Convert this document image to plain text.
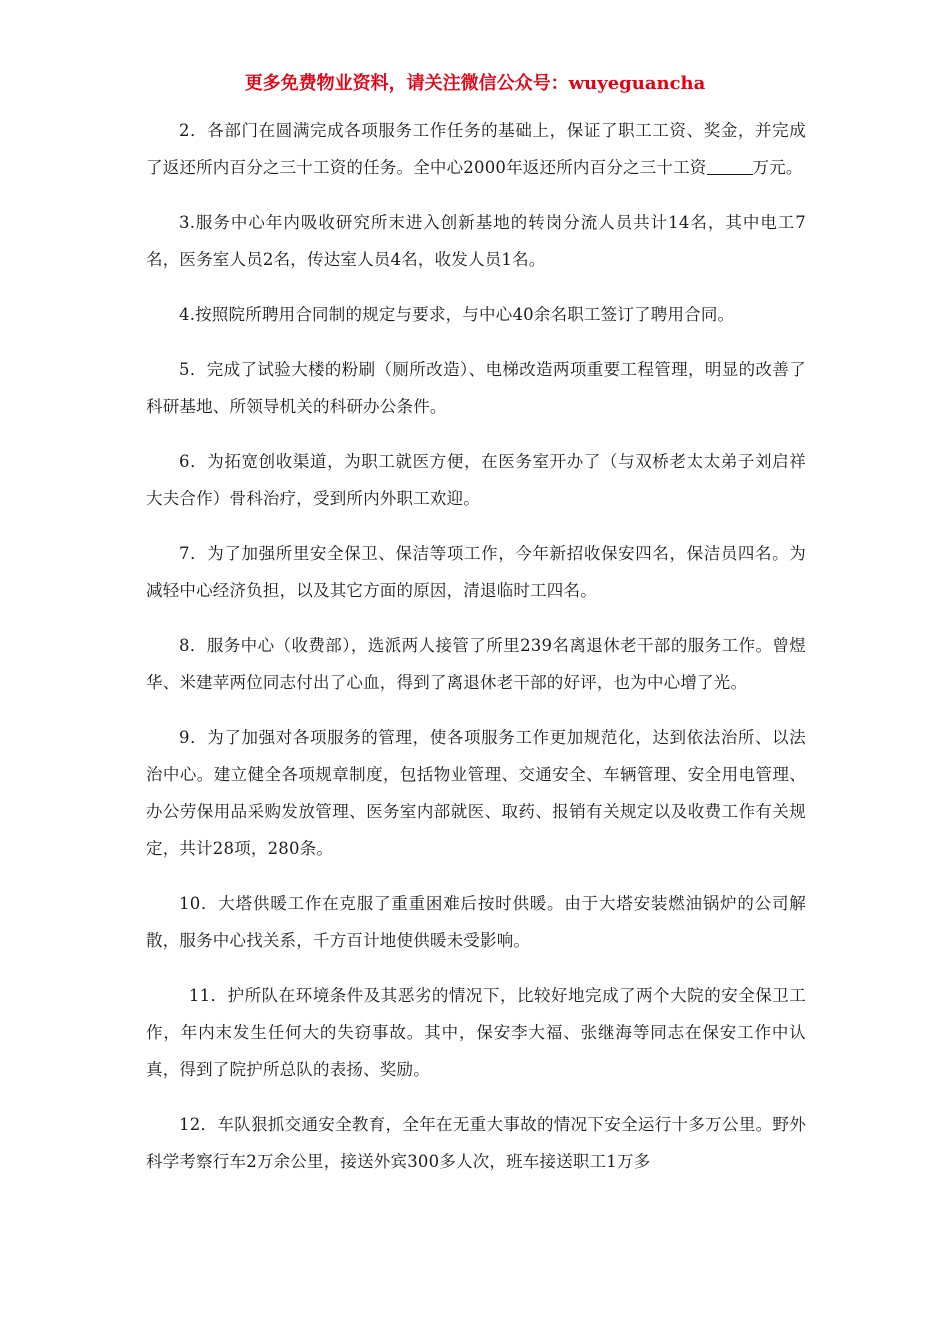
更多免费物业资料，请关注微信公众号：wuyeguancha

2．各部门在圆满完成各项服务工作任务的基础上，保证了职工工资、奖金，并完成了返还所内百分之三十工资的任务。全中心2000年返还所内百分之三十工资	万元。

3.服务中心年内吸收研究所末进入创新基地的转岗分流人员共计14名，其中电工7名，医务室人员2名，传达室人员4名，收发人员1名。

4.按照院所聘用合同制的规定与要求，与中心40余名职工签订了聘用合同。

5．完成了试验大楼的粉刷（厕所改造）、电梯改造两项重要工程管理，明显的改善了科研基地、所领导机关的科研办公条件。

6．为拓宽创收渠道，为职工就医方便，在医务室开办了（与双桥老太太弟子刘启祥大夫合作）骨科治疗，受到所内外职工欢迎。

7．为了加强所里安全保卫、保洁等项工作，今年新招收保安四名，保洁员四名。为减轻中心经济负担，以及其它方面的原因，清退临时工四名。

8．服务中心（收费部），选派两人接管了所里239名离退休老干部的服务工作。曾煜华、米建苹两位同志付出了心血，得到了离退休老干部的好评，也为中心增了光。

9．为了加强对各项服务的管理，使各项服务工作更加规范化，达到依法治所、以法治中心。建立健全各项规章制度，包括物业管理、交通安全、车辆管理、安全用电管理、办公劳保用品采购发放管理、医务室内部就医、取药、报销有关规定以及收费工作有关规定，共计28项，280条。

10．大塔供暖工作在克服了重重困难后按时供暖。由于大塔安装燃油锅炉的公司解散，服务中心找关系，千方百计地使供暖未受影响。

11．护所队在环境条件及其恶劣的情况下，比较好地完成了两个大院的安全保卫工作，年内末发生任何大的失窃事故。其中，保安李大福、张继海等同志在保安工作中认真，得到了院护所总队的表扬、奖励。

12．车队狠抓交通安全教育，全年在无重大事故的情况下安全运行十多万公里。野外科学考察行车2万余公里，接送外宾300多人次，班车接送职工1万多
